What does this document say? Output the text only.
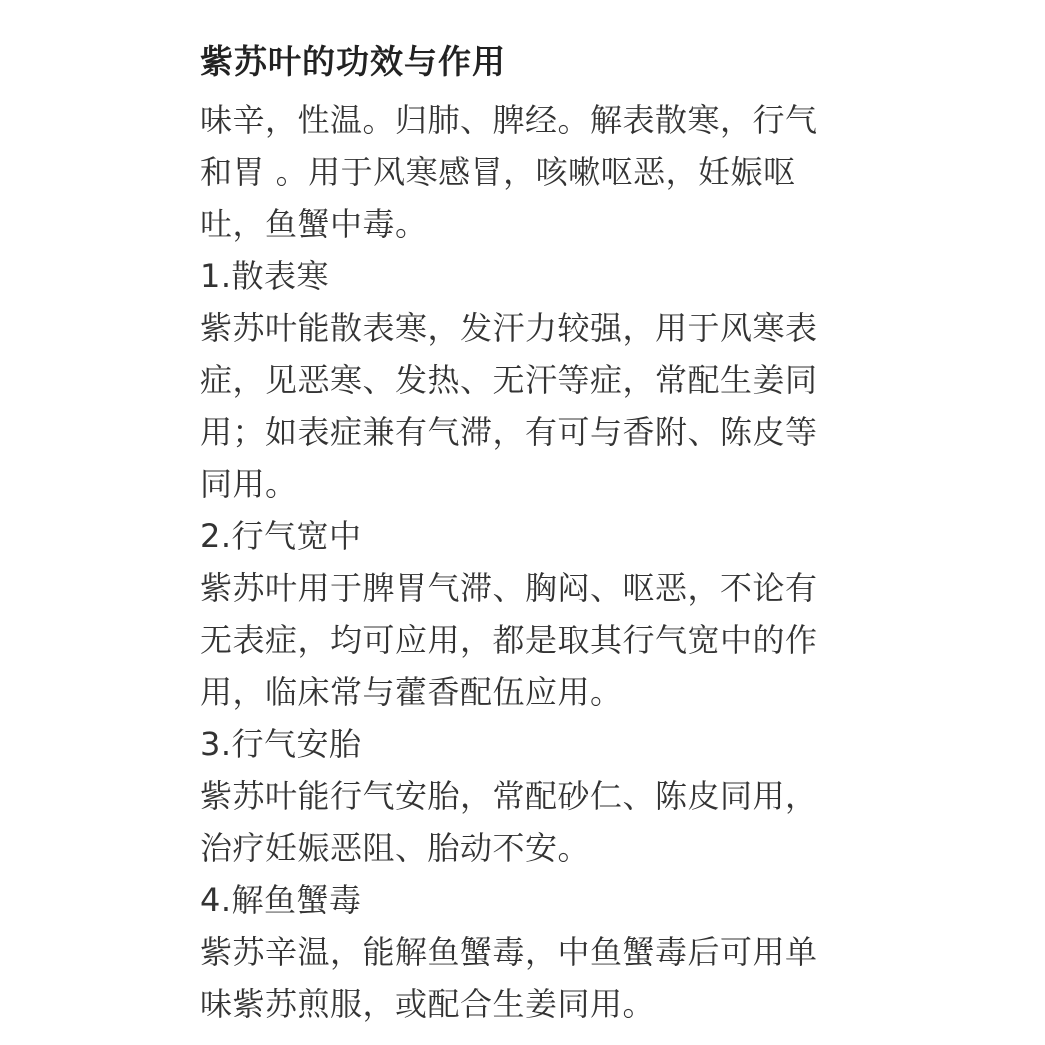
紫苏叶的功效与作用
味辛，性温。归肺、脾经。解表散寒，行气
和胃 。用于风寒感冒，咳嗽呕恶，妊娠呕
吐，鱼蟹中毒。
1.散表寒
紫苏叶能散表寒，发汗力较强，用于风寒表
症，见恶寒、发热、无汗等症，常配生姜同
用；如表症兼有气滞，有可与香附、陈皮等
同用。
2.行气宽中
紫苏叶用于脾胃气滞、胸闷、呕恶，不论有
无表症，均可应用，都是取其行气宽中的作
用，临床常与藿香配伍应用。
3.行气安胎
紫苏叶能行气安胎，常配砂仁、陈皮同用，
治疗妊娠恶阻、胎动不安。
4.解鱼蟹毒
紫苏辛温，能解鱼蟹毒，中鱼蟹毒后可用单
味紫苏煎服，或配合生姜同用。
